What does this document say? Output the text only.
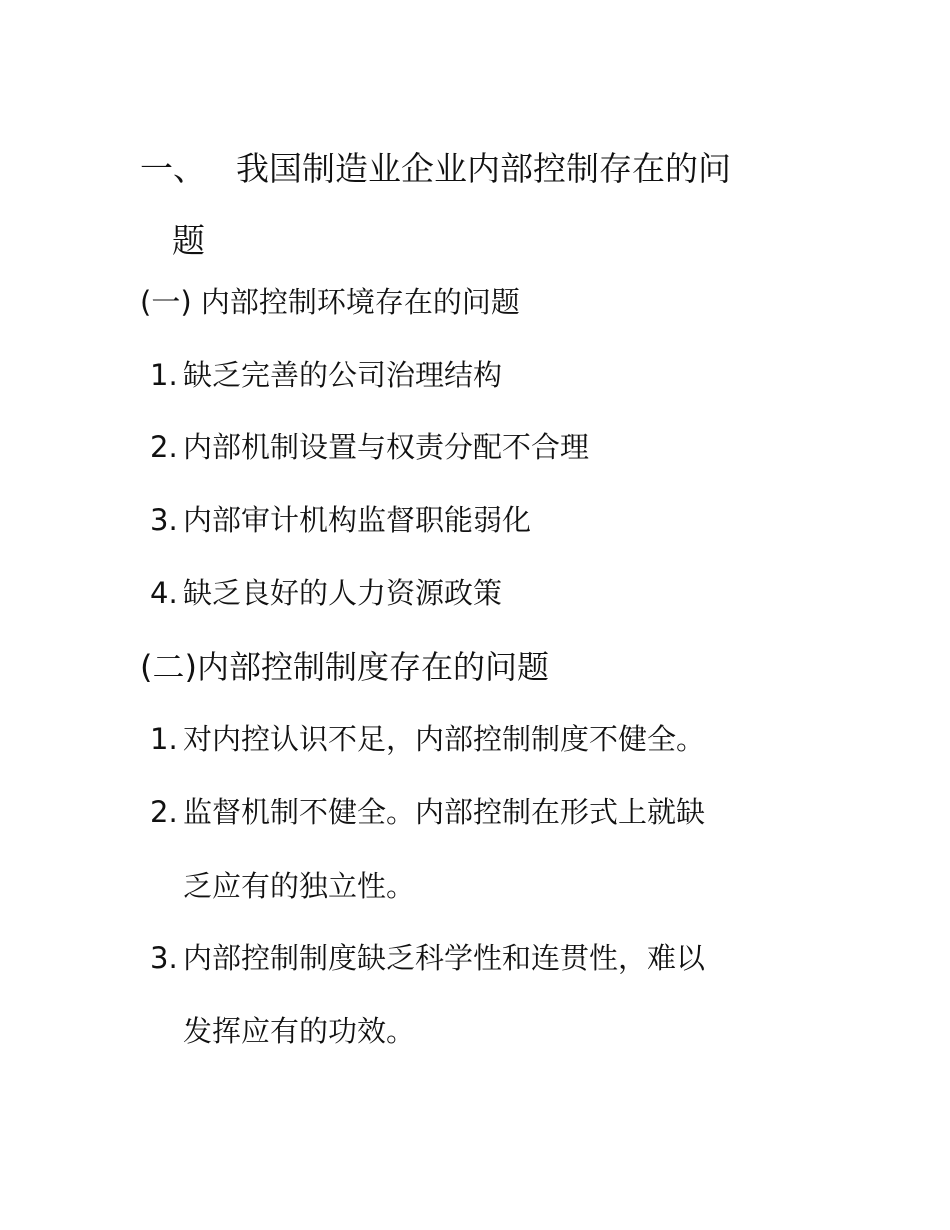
一、 我国制造业企业内部控制存在的问
题
(一) 内部控制环境存在的问题
1. 缺乏完善的公司治理结构
2. 内部机制设置与权责分配不合理
3. 内部审计机构监督职能弱化
4. 缺乏良好的人力资源政策
(二)内部控制制度存在的问题
1. 对内控认识不足，内部控制制度不健全。
2. 监督机制不健全。内部控制在形式上就缺
乏应有的独立性。
3. 内部控制制度缺乏科学性和连贯性，难以
发挥应有的功效。
